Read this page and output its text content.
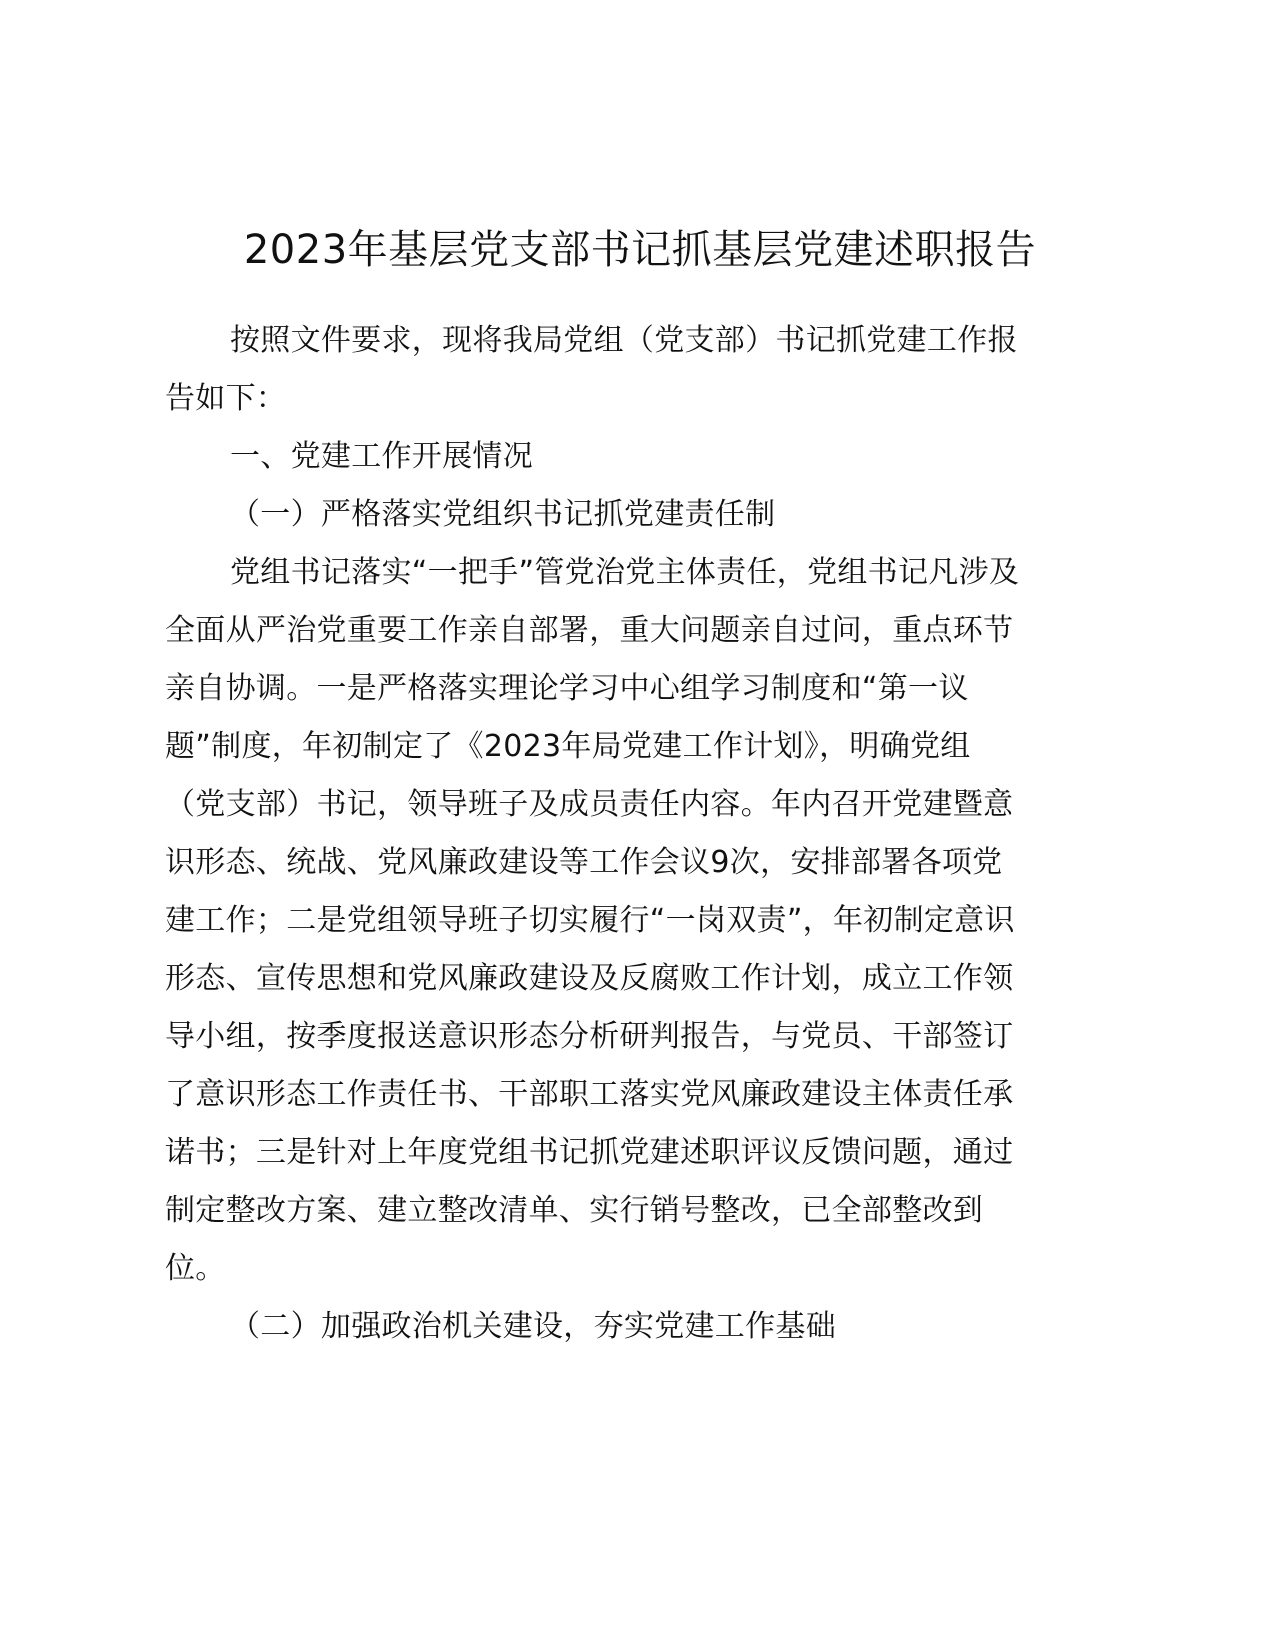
2023年基层党支部书记抓基层党建述职报告
按照文件要求，现将我局党组（党支部）书记抓党建工作报
告如下：
一、党建工作开展情况
（一）严格落实党组织书记抓党建责任制
党组书记落实“一把手”管党治党主体责任，党组书记凡涉及
全面从严治党重要工作亲自部署，重大问题亲自过问，重点环节
亲自协调。一是严格落实理论学习中心组学习制度和“第一议
题”制度，年初制定了《2023年局党建工作计划》，明确党组
（党支部）书记，领导班子及成员责任内容。年内召开党建暨意
识形态、统战、党风廉政建设等工作会议9次，安排部署各项党
建工作；二是党组领导班子切实履行“一岗双责”，年初制定意识
形态、宣传思想和党风廉政建设及反腐败工作计划，成立工作领
导小组，按季度报送意识形态分析研判报告，与党员、干部签订
了意识形态工作责任书、干部职工落实党风廉政建设主体责任承
诺书；三是针对上年度党组书记抓党建述职评议反馈问题，通过
制定整改方案、建立整改清单、实行销号整改，已全部整改到
位。
（二）加强政治机关建设，夯实党建工作基础
